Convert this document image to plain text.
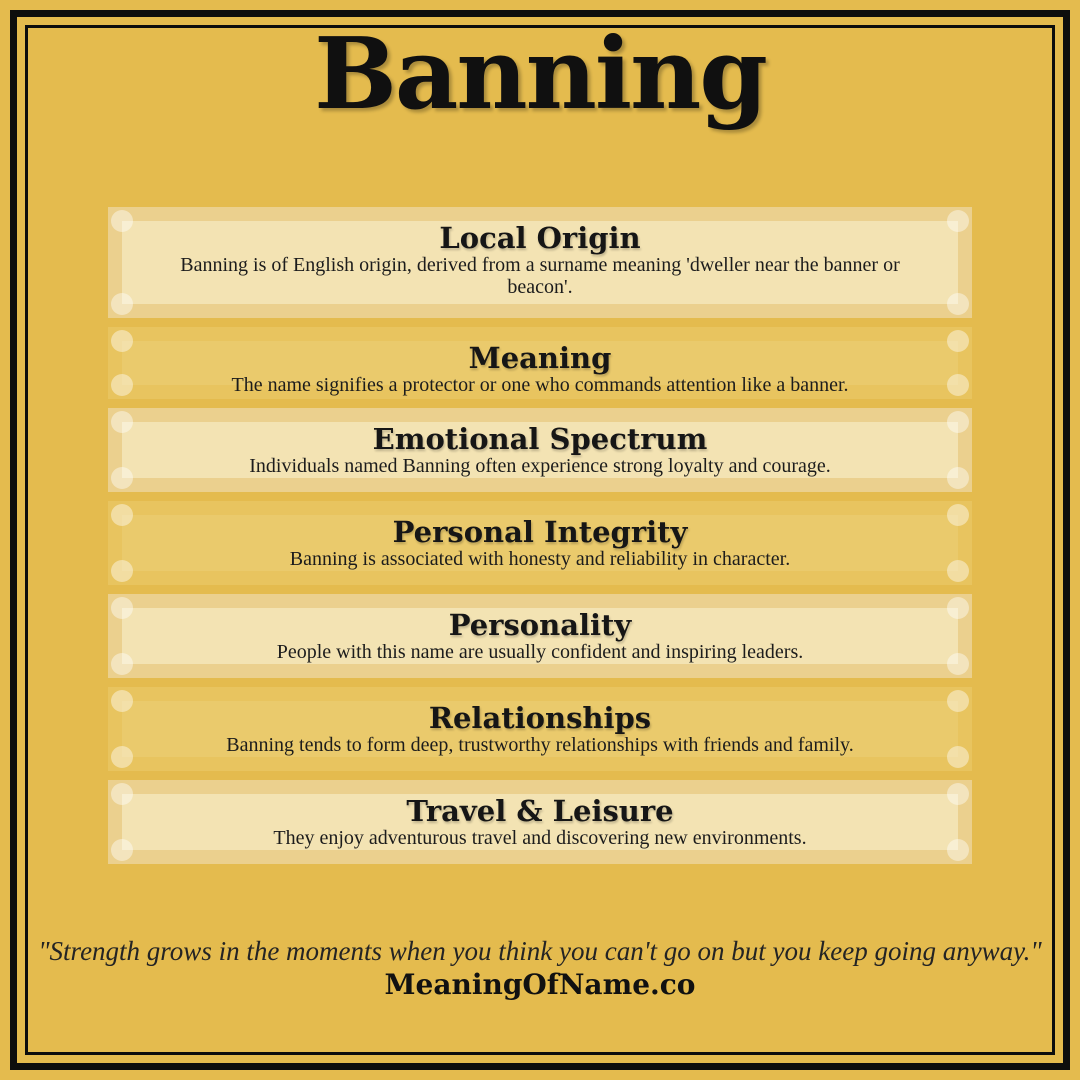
Banning
Local Origin

Banning is of English origin, derived from a surname meaning 'dweller near the banner or beacon'.

Meaning

The name signifies a protector or one who commands attention like a banner.

Emotional Spectrum

Individuals named Banning often experience strong loyalty and courage.

Personal Integrity

Banning is associated with honesty and reliability in character.

Personality

People with this name are usually confident and inspiring leaders.

Relationships

Banning tends to form deep, trustworthy relationships with friends and family.

Travel & Leisure

They enjoy adventurous travel and discovering new environments.

"Strength grows in the moments when you think you can't go on but you keep going anyway."

MeaningOfName.co
